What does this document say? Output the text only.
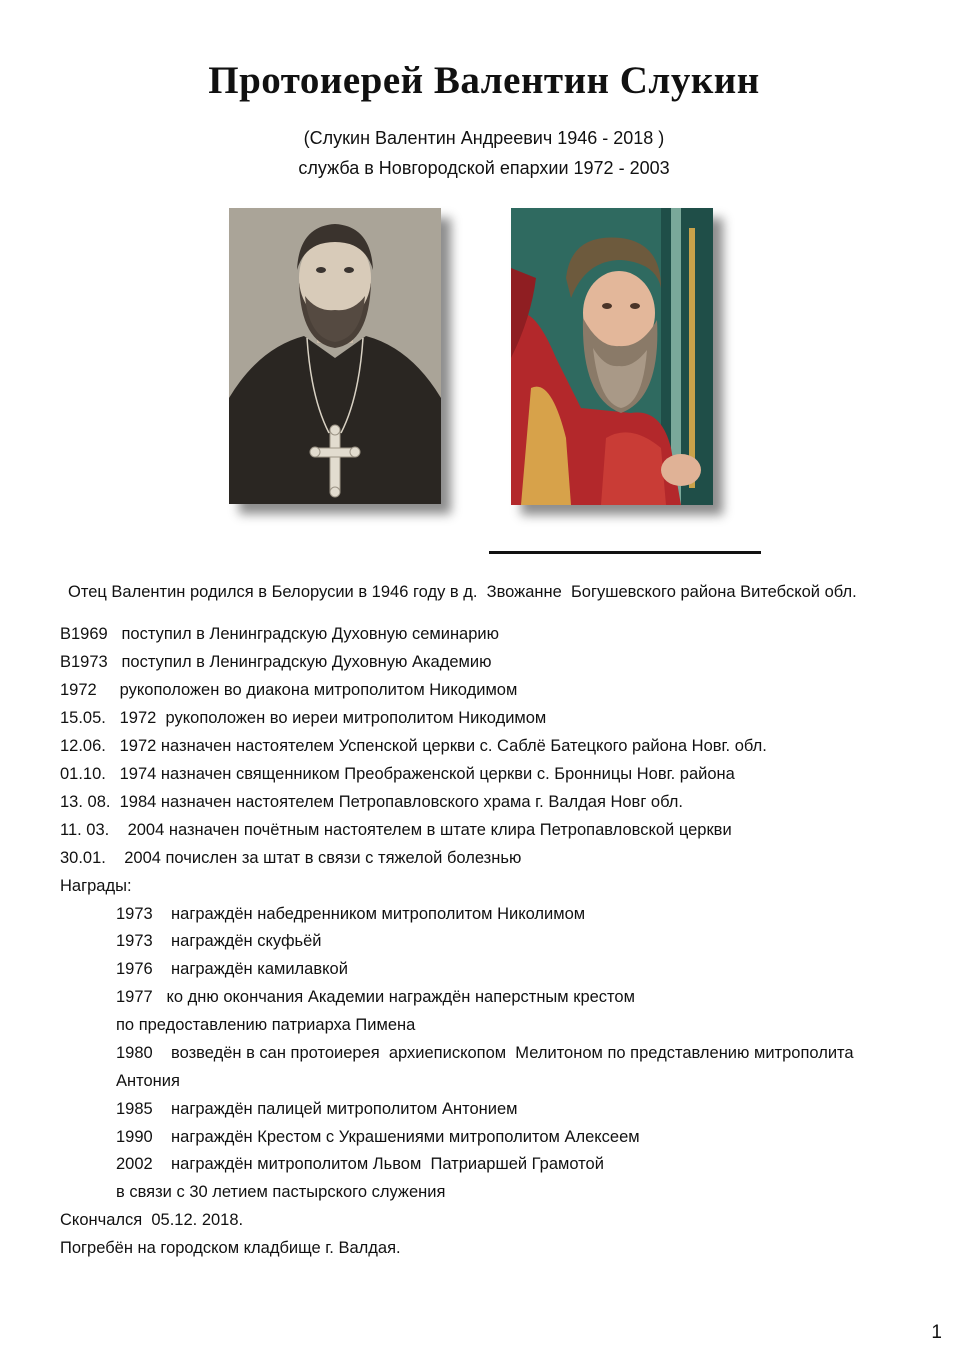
Протоиерей Валентин Слукин
(Слукин Валентин Андреевич 1946 - 2018 )
служба в Новгородской епархии 1972 - 2003
Отец Валентин родился в Белорусии в 1946 году в д.  Звожанне  Богушевского района Витебской обл.
В1969   поступил в Ленинградскую Духовную семинарию
В1973   поступил в Ленинградскую Духовную Академию
1972     рукоположен во диакона митрополитом Никодимом
15.05.   1972  рукоположен во иереи митрополитом Никодимом
12.06.   1972 назначен настоятелем Успенской церкви с. Саблё Батецкого района Новг. обл.
01.10.   1974 назначен священником Преображенской церкви с. Бронницы Новг. района
13. 08.  1984 назначен настоятелем Петропавловского храма г. Валдая Новг обл.
11. 03.    2004 назначен почётным настоятелем в штате клира Петропавловской церкви
30.01.    2004 почислен за штат в связи с тяжелой болезнью
Награды:
1973    награждён набедренником митрополитом Николимом
1973    награждён скуфьёй
1976    награждён камилавкой
1977   ко дню окончания Академии награждён наперстным крестом
по предоставлению патриарха Пимена
1980    возведён в сан протоиерея  архиепископом  Мелитоном по представлению митрополита
Антония
1985    награждён палицей митрополитом Антонием
1990    награждён Крестом с Украшениями митрополитом Алексеем
2002    награждён митрополитом Львом  Патриаршей Грамотой
в связи с 30 летием пастырского служения
Скончался  05.12. 2018.
Погребён на городском кладбище г. Валдая.
1
